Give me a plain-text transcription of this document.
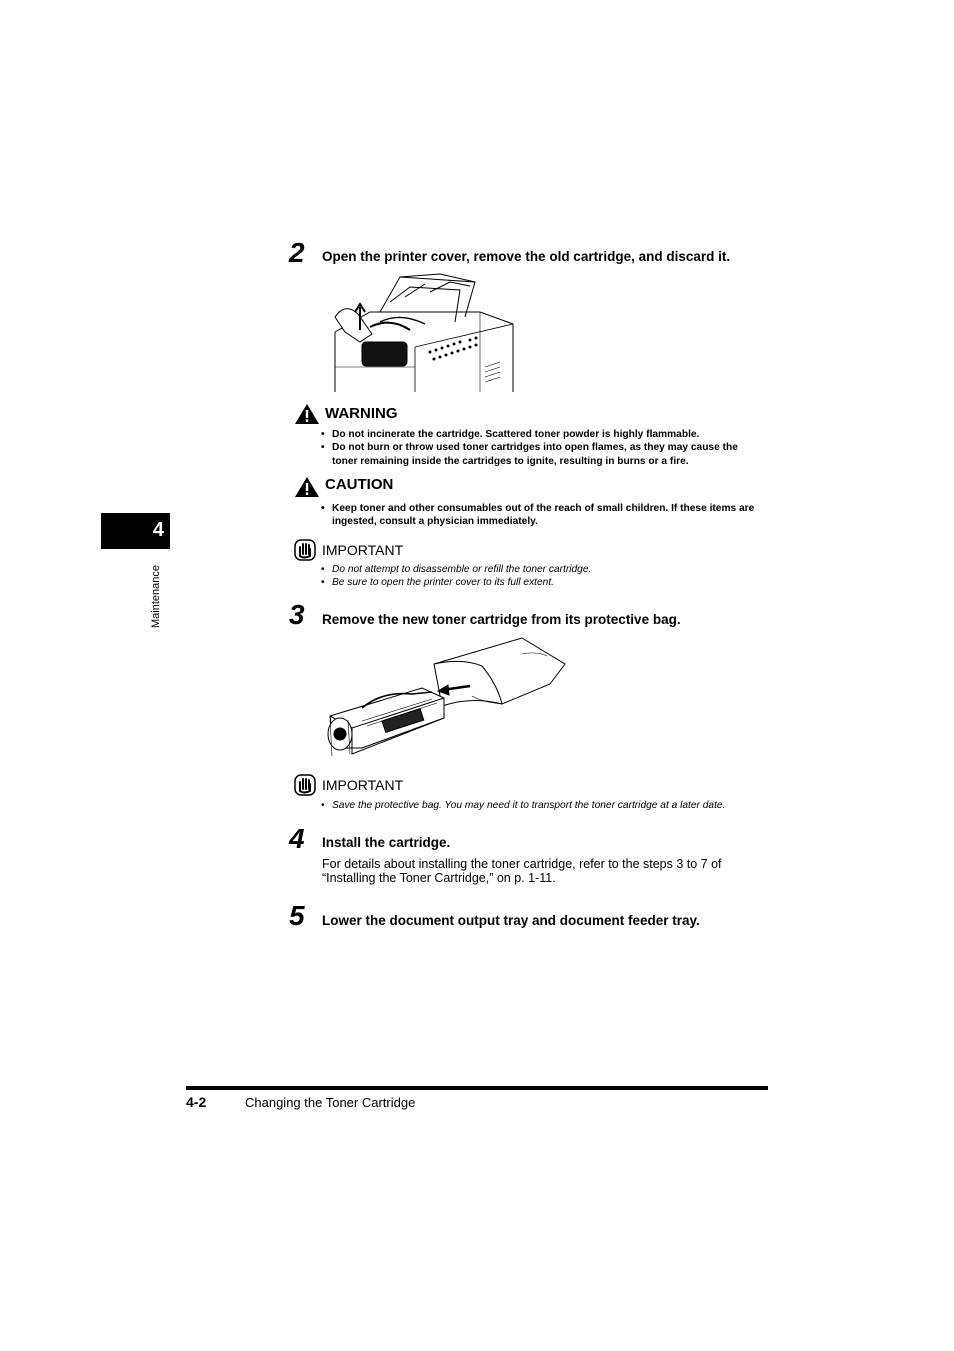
4
Maintenance
2 Open the printer cover, remove the old cartridge, and discard it.
WARNING
• Do not incinerate the cartridge. Scattered toner powder is highly flammable.
• Do not burn or throw used toner cartridges into open flames, as they may cause the toner remaining inside the cartridges to ignite, resulting in burns or a fire.
CAUTION
• Keep toner and other consumables out of the reach of small children. If these items are ingested, consult a physician immediately.
IMPORTANT
• Do not attempt to disassemble or refill the toner cartridge.
• Be sure to open the printer cover to its full extent.
3 Remove the new toner cartridge from its protective bag.
IMPORTANT
• Save the protective bag. You may need it to transport the toner cartridge at a later date.
4 Install the cartridge.
For details about installing the toner cartridge, refer to the steps 3 to 7 of
“Installing the Toner Cartridge,” on p. 1-11.
5 Lower the document output tray and document feeder tray.
4-2	Changing the Toner Cartridge
